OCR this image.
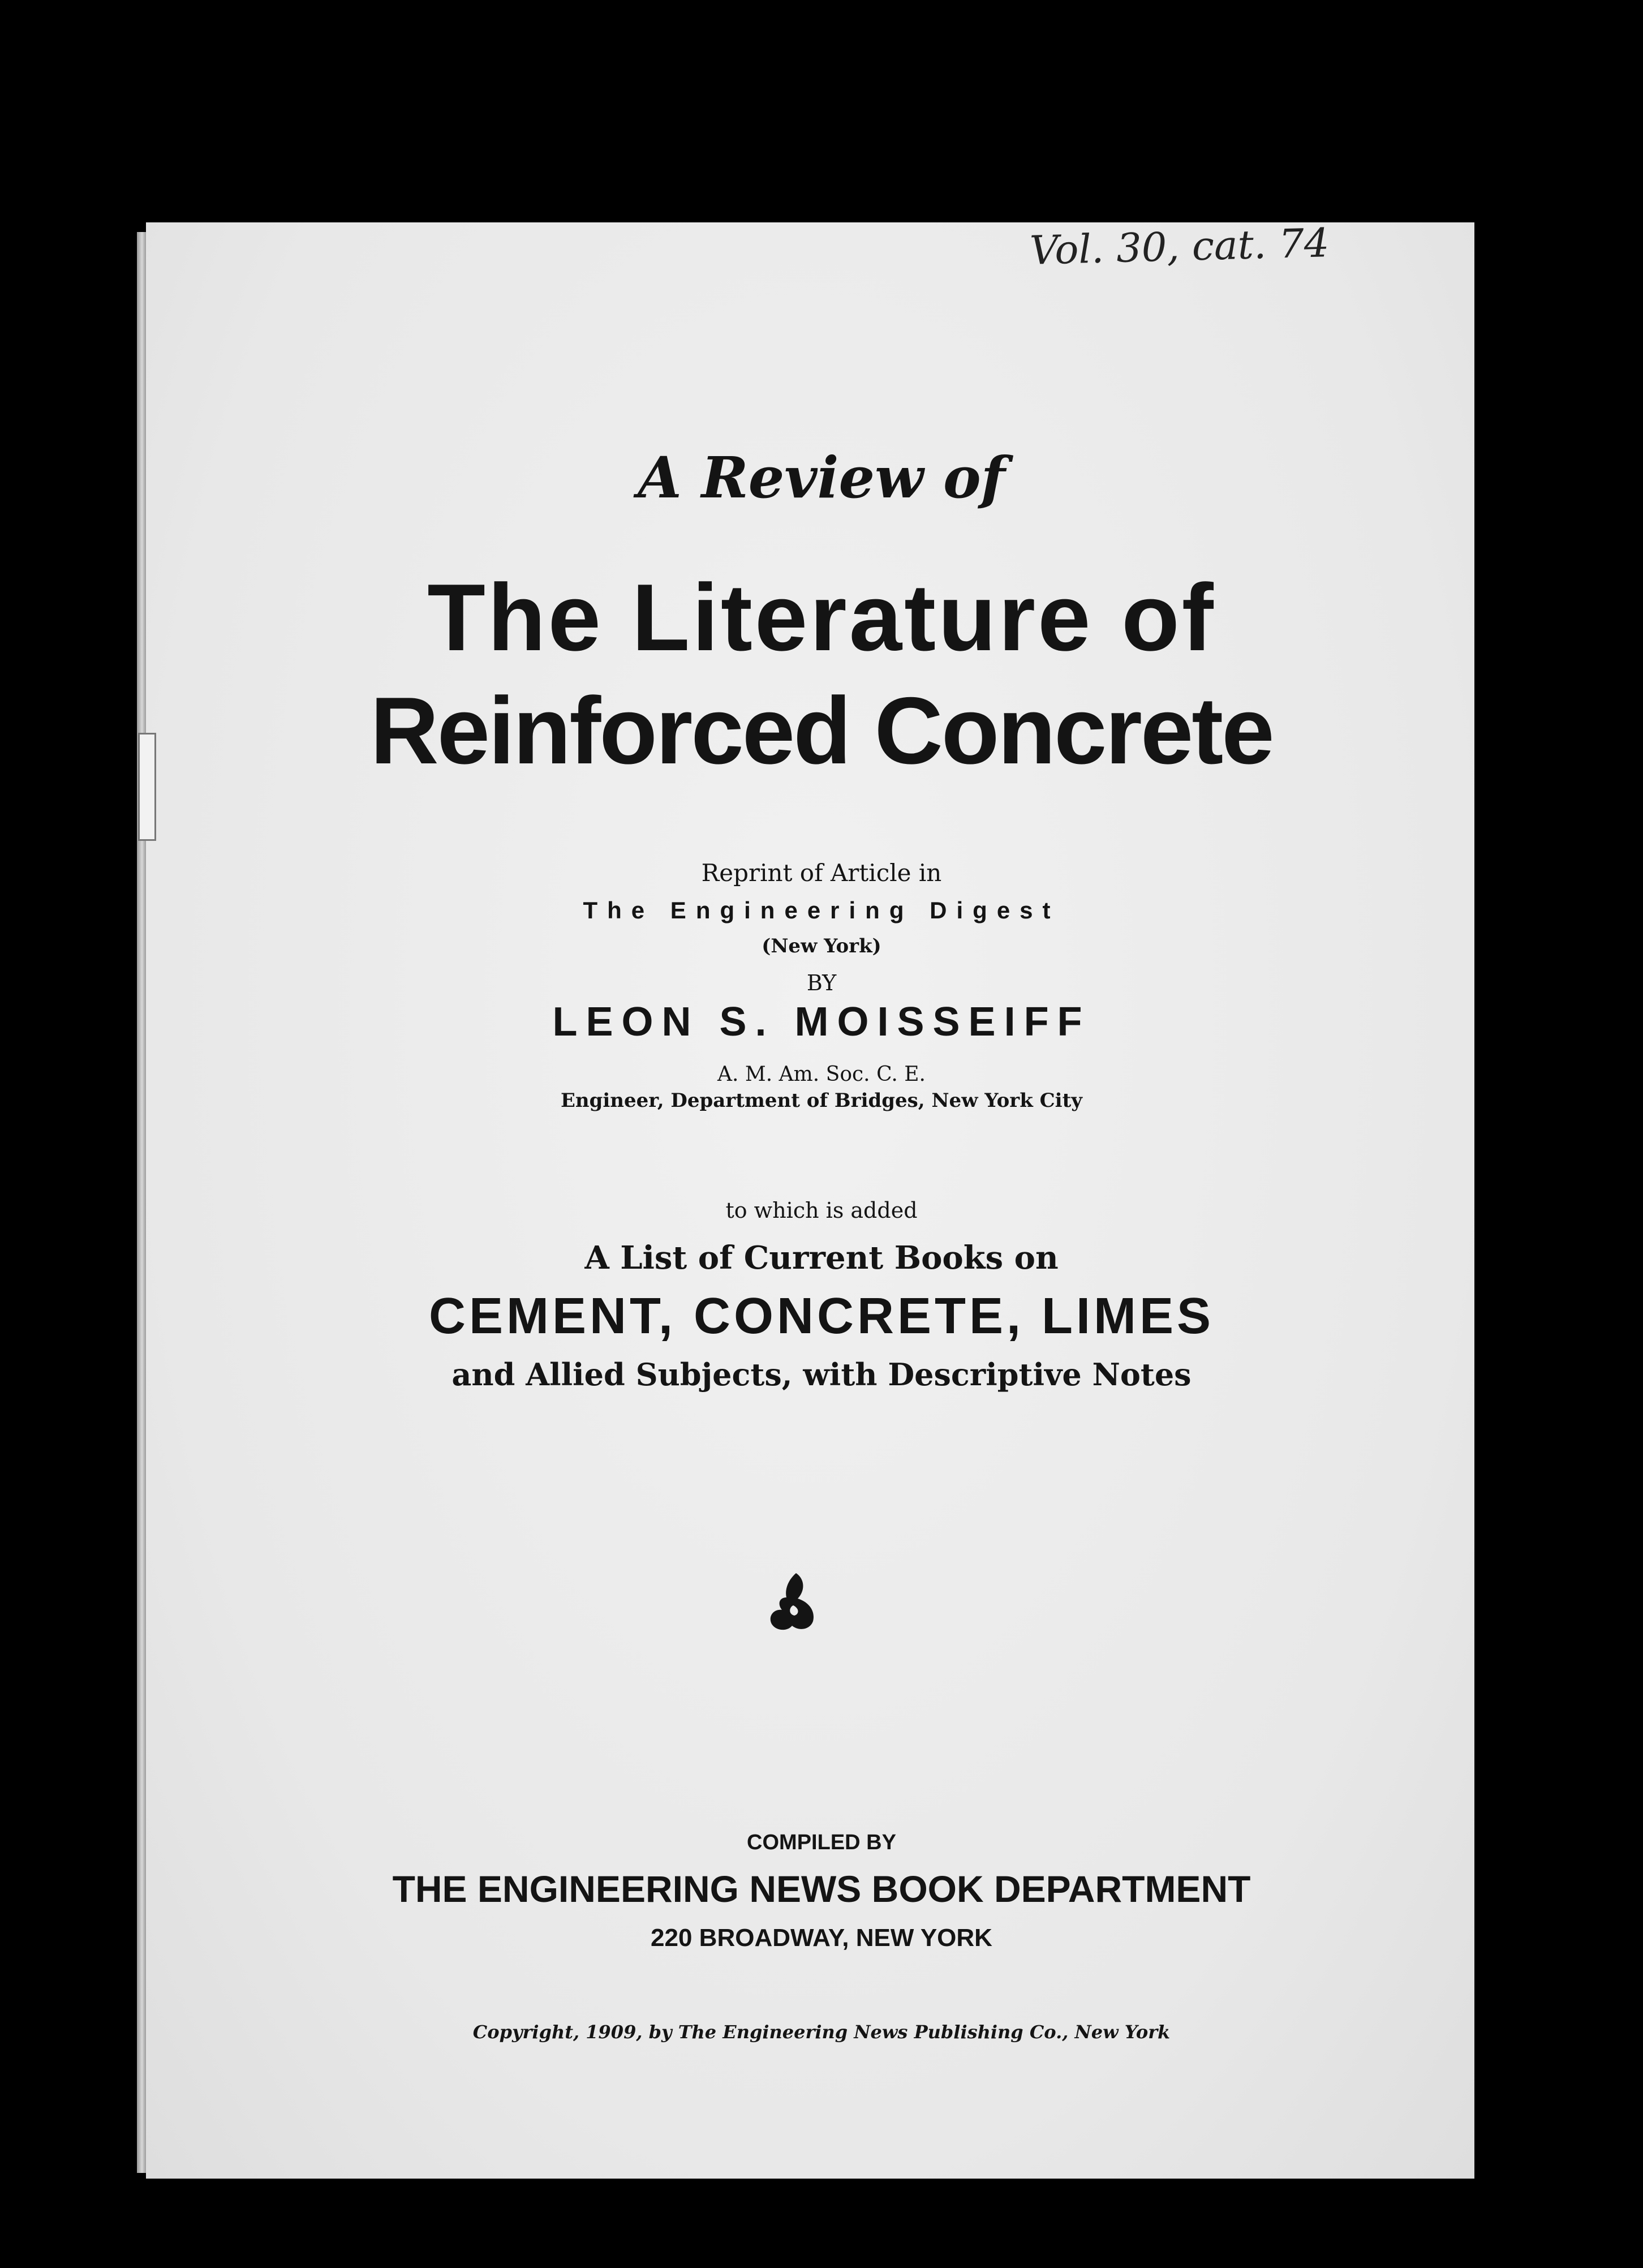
Vol. 30, cat. 74
A Review of
The Literature of
Reinforced Concrete
Reprint of Article in
The Engineering Digest
(New York)
BY
LEON S. MOISSEIFF
A. M. Am. Soc. C. E.
Engineer, Department of Bridges, New York City
to which is added
A List of Current Books on
CEMENT, CONCRETE, LIMES
and Allied Subjects, with Descriptive Notes
COMPILED BY
THE ENGINEERING NEWS BOOK DEPARTMENT
220 BROADWAY, NEW YORK
Copyright, 1909, by The Engineering News Publishing Co., New York
